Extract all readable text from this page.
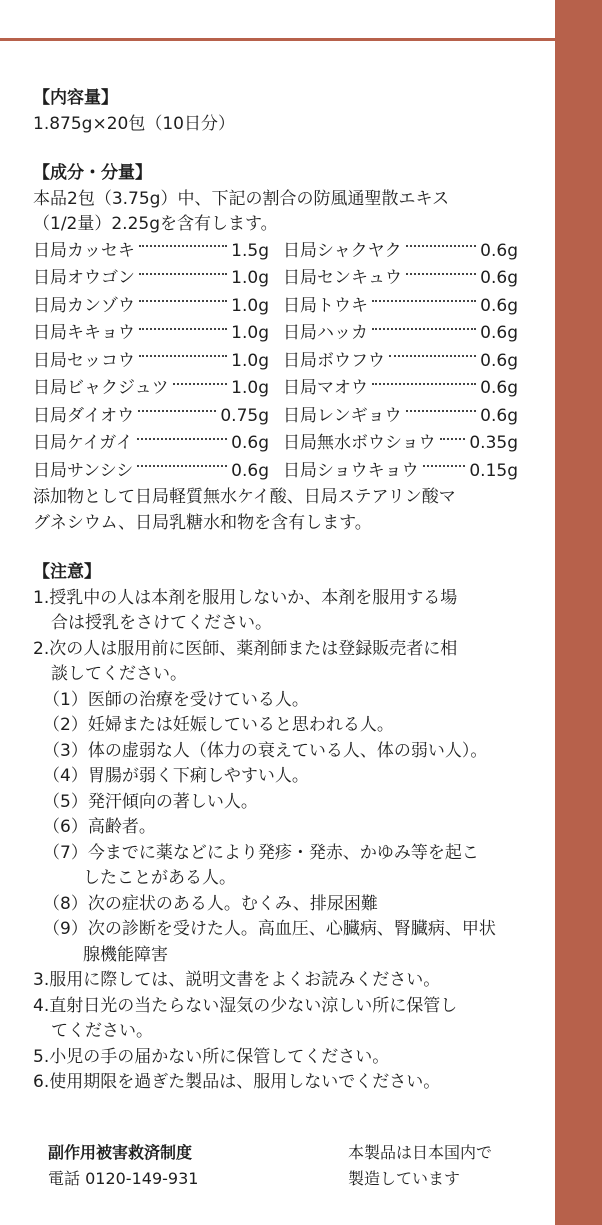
【内容量】
1.875g×20包（10日分）
【成分・分量】
本品2包（3.75g）中、下記の割合の防風通聖散エキス
（1/2量）2.25gを含有します。
日局カッセキ	1.5g 日局シャクヤク	0.6g
日局オウゴン	1.0g 日局センキュウ	0.6g
日局カンゾウ	1.0g 日局トウキ	0.6g
日局キキョウ	1.0g 日局ハッカ	0.6g
日局セッコウ	1.0g 日局ボウフウ	0.6g
日局ビャクジュツ	1.0g 日局マオウ	0.6g
日局ダイオウ	0.75g 日局レンギョウ	0.6g
日局ケイガイ	0.6g 日局無水ボウショウ 0.35g
日局サンシシ	0.6g 日局ショウキョウ	0.15g
添加物として日局軽質無水ケイ酸、日局ステアリン酸マ
グネシウム、日局乳糖水和物を含有します。
【注意】
1.授乳中の人は本剤を服用しないか、本剤を服用する場
合は授乳をさけてください。
2.次の人は服用前に医師、薬剤師または登録販売者に相
談してください。
（1）医師の治療を受けている人。
（2）妊婦または妊娠していると思われる人。
（3）体の虚弱な人（体力の衰えている人、体の弱い人）。
（4）胃腸が弱く下痢しやすい人。
（5）発汗傾向の著しい人。
（6）高齢者。
（7）今までに薬などにより発疹・発赤、かゆみ等を起こ
したことがある人。
（8）次の症状のある人。むくみ、排尿困難
（9）次の診断を受けた人。高血圧、心臓病、腎臓病、甲状
腺機能障害
3.服用に際しては、説明文書をよくお読みください。
4.直射日光の当たらない湿気の少ない涼しい所に保管し
てください。
5.小児の手の届かない所に保管してください。
6.使用期限を過ぎた製品は、服用しないでください。
副作用被害救済制度
電話 0120-149-931
本製品は日本国内で
製造しています
